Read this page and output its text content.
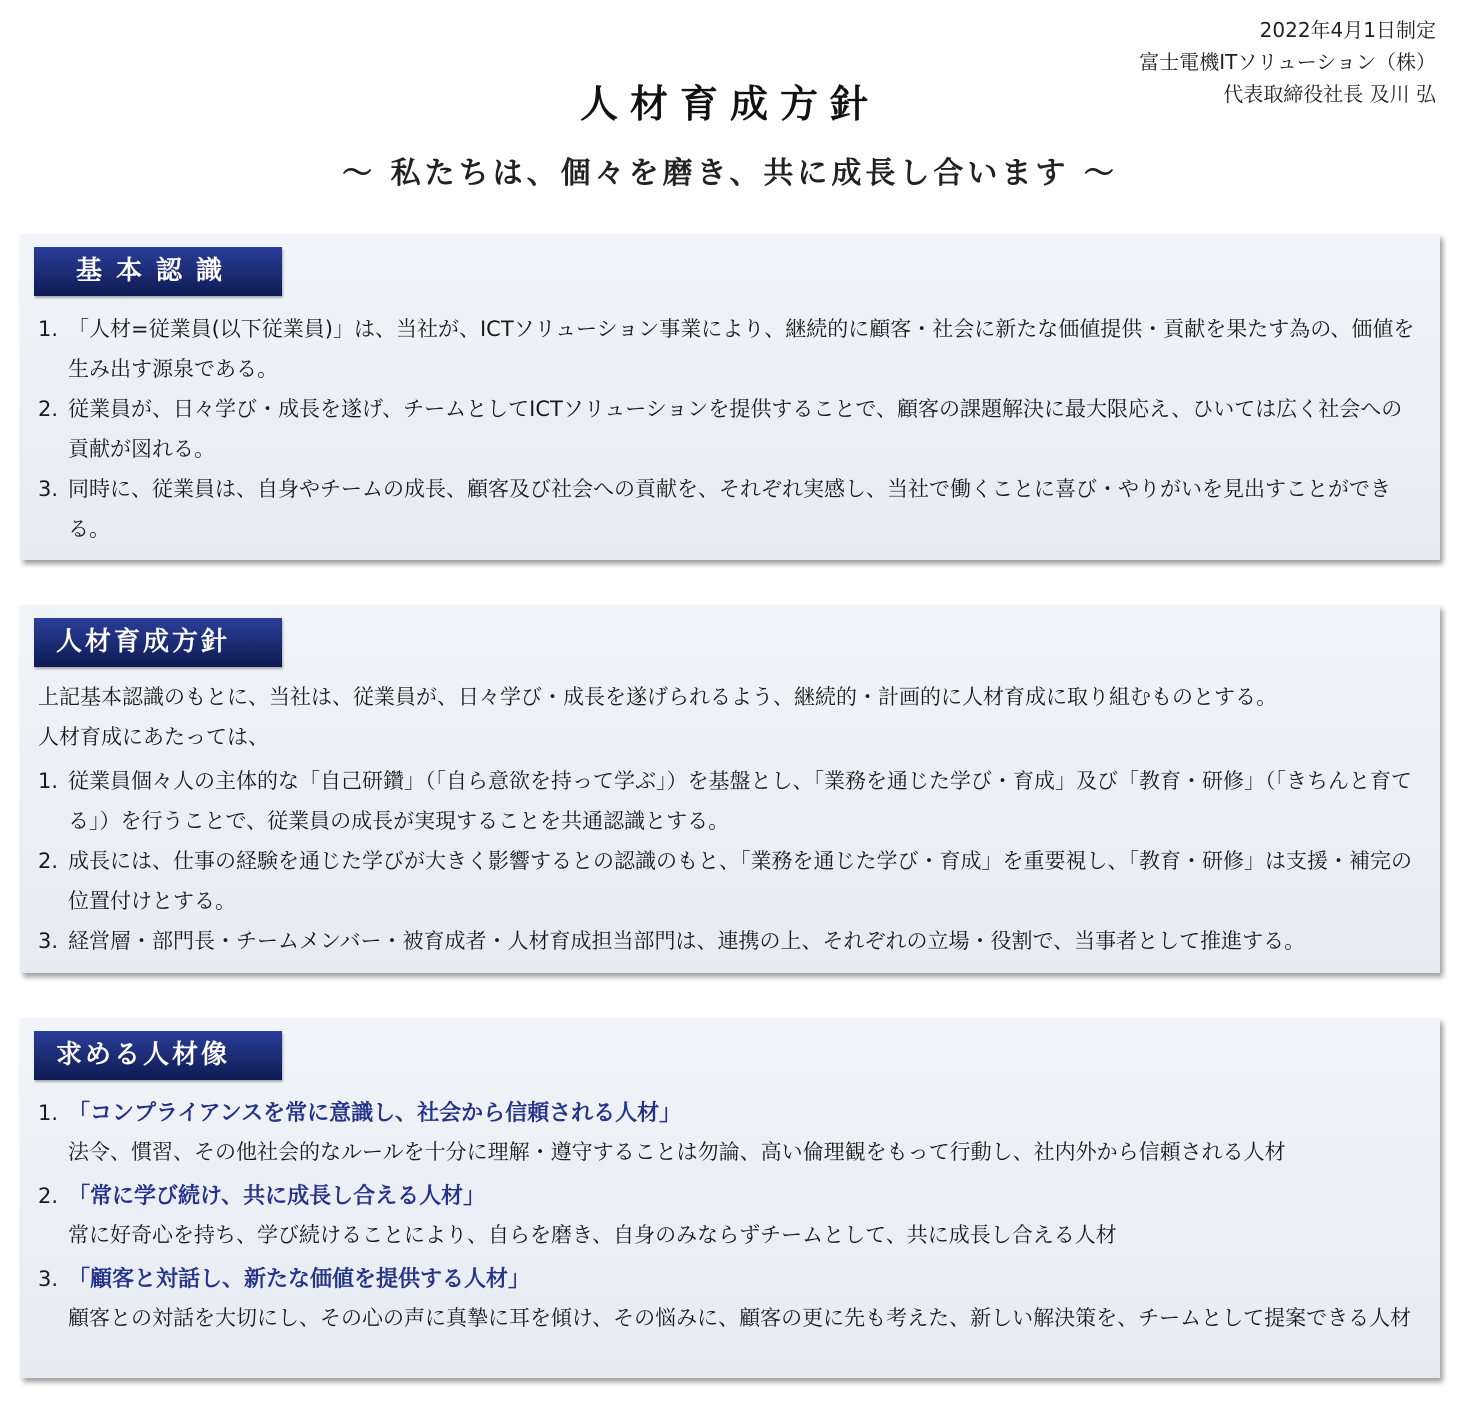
2022年4月1日制定
富士電機ITソリューション（株）
代表取締役社長 及川 弘
人材育成方針
～ 私たちは、個々を磨き、共に成長し合います ～
基本認識
1. 「人材=従業員(以下従業員)」は、当社が、ICTソリューション事業により、継続的に顧客・社会に新たな価値提供・貢献を果たす為の、価値を生み出す源泉である。
2. 従業員が、日々学び・成長を遂げ、チームとしてICTソリューションを提供することで、顧客の課題解決に最大限応え、ひいては広く社会への貢献が図れる。
3. 同時に、従業員は、自身やチームの成長、顧客及び社会への貢献を、それぞれ実感し、当社で働くことに喜び・やりがいを見出すことができる。
人材育成方針

上記基本認識のもとに、当社は、従業員が、日々学び・成長を遂げられるよう、継続的・計画的に人材育成に取り組むものとする。

人材育成にあたっては、

1. 従業員個々人の主体的な「自己研鑽」（「自ら意欲を持って学ぶ」）を基盤とし、「業務を通じた学び・育成」及び「教育・研修」（「きちんと育てる」）を行うことで、従業員の成長が実現することを共通認識とする。
2. 成長には、仕事の経験を通じた学びが大きく影響するとの認識のもと、「業務を通じた学び・育成」を重要視し、「教育・研修」は支援・補完の位置付けとする。
3. 経営層・部門長・チームメンバー・被育成者・人材育成担当部門は、連携の上、それぞれの立場・役割で、当事者として推進する。
求める人材像
1. 「コンプライアンスを常に意識し、社会から信頼される人材」
法令、慣習、その他社会的なルールを十分に理解・遵守することは勿論、高い倫理観をもって行動し、社内外から信頼される人材
2. 「常に学び続け、共に成長し合える人材」
常に好奇心を持ち、学び続けることにより、自らを磨き、自身のみならずチームとして、共に成長し合える人材
3. 「顧客と対話し、新たな価値を提供する人材」
顧客との対話を大切にし、その心の声に真摯に耳を傾け、その悩みに、顧客の更に先も考えた、新しい解決策を、チームとして提案できる人材
